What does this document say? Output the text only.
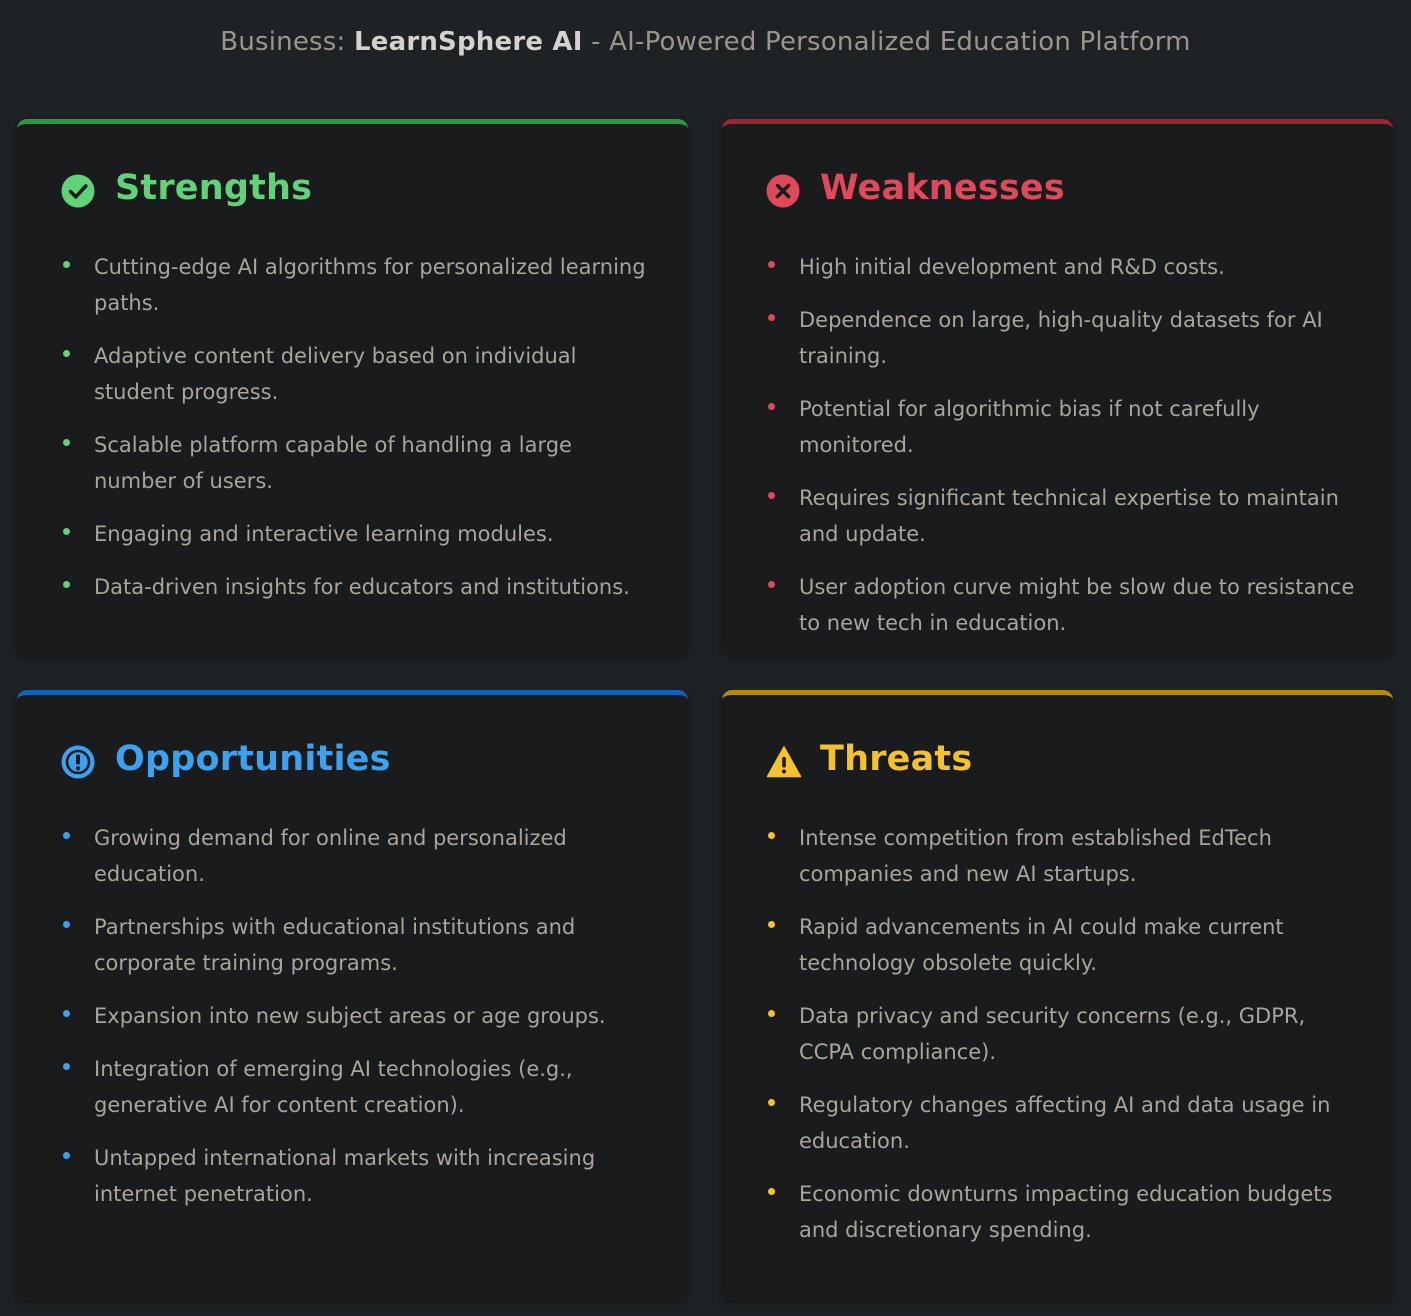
Business: LearnSphere AI - AI-Powered Personalized Education Platform
Strengths
Cutting-edge AI algorithms for personalized learning paths.
Adaptive content delivery based on individual student progress.
Scalable platform capable of handling a large number of users.
Engaging and interactive learning modules.
Data-driven insights for educators and institutions.
Weaknesses
High initial development and R&D costs.
Dependence on large, high-quality datasets for AI training.
Potential for algorithmic bias if not carefully monitored.
Requires significant technical expertise to maintain and update.
User adoption curve might be slow due to resistance to new tech in education.
Opportunities
Growing demand for online and personalized education.
Partnerships with educational institutions and corporate training programs.
Expansion into new subject areas or age groups.
Integration of emerging AI technologies (e.g., generative AI for content creation).
Untapped international markets with increasing internet penetration.
Threats
Intense competition from established EdTech companies and new AI startups.
Rapid advancements in AI could make current technology obsolete quickly.
Data privacy and security concerns (e.g., GDPR, CCPA compliance).
Regulatory changes affecting AI and data usage in education.
Economic downturns impacting education budgets and discretionary spending.
